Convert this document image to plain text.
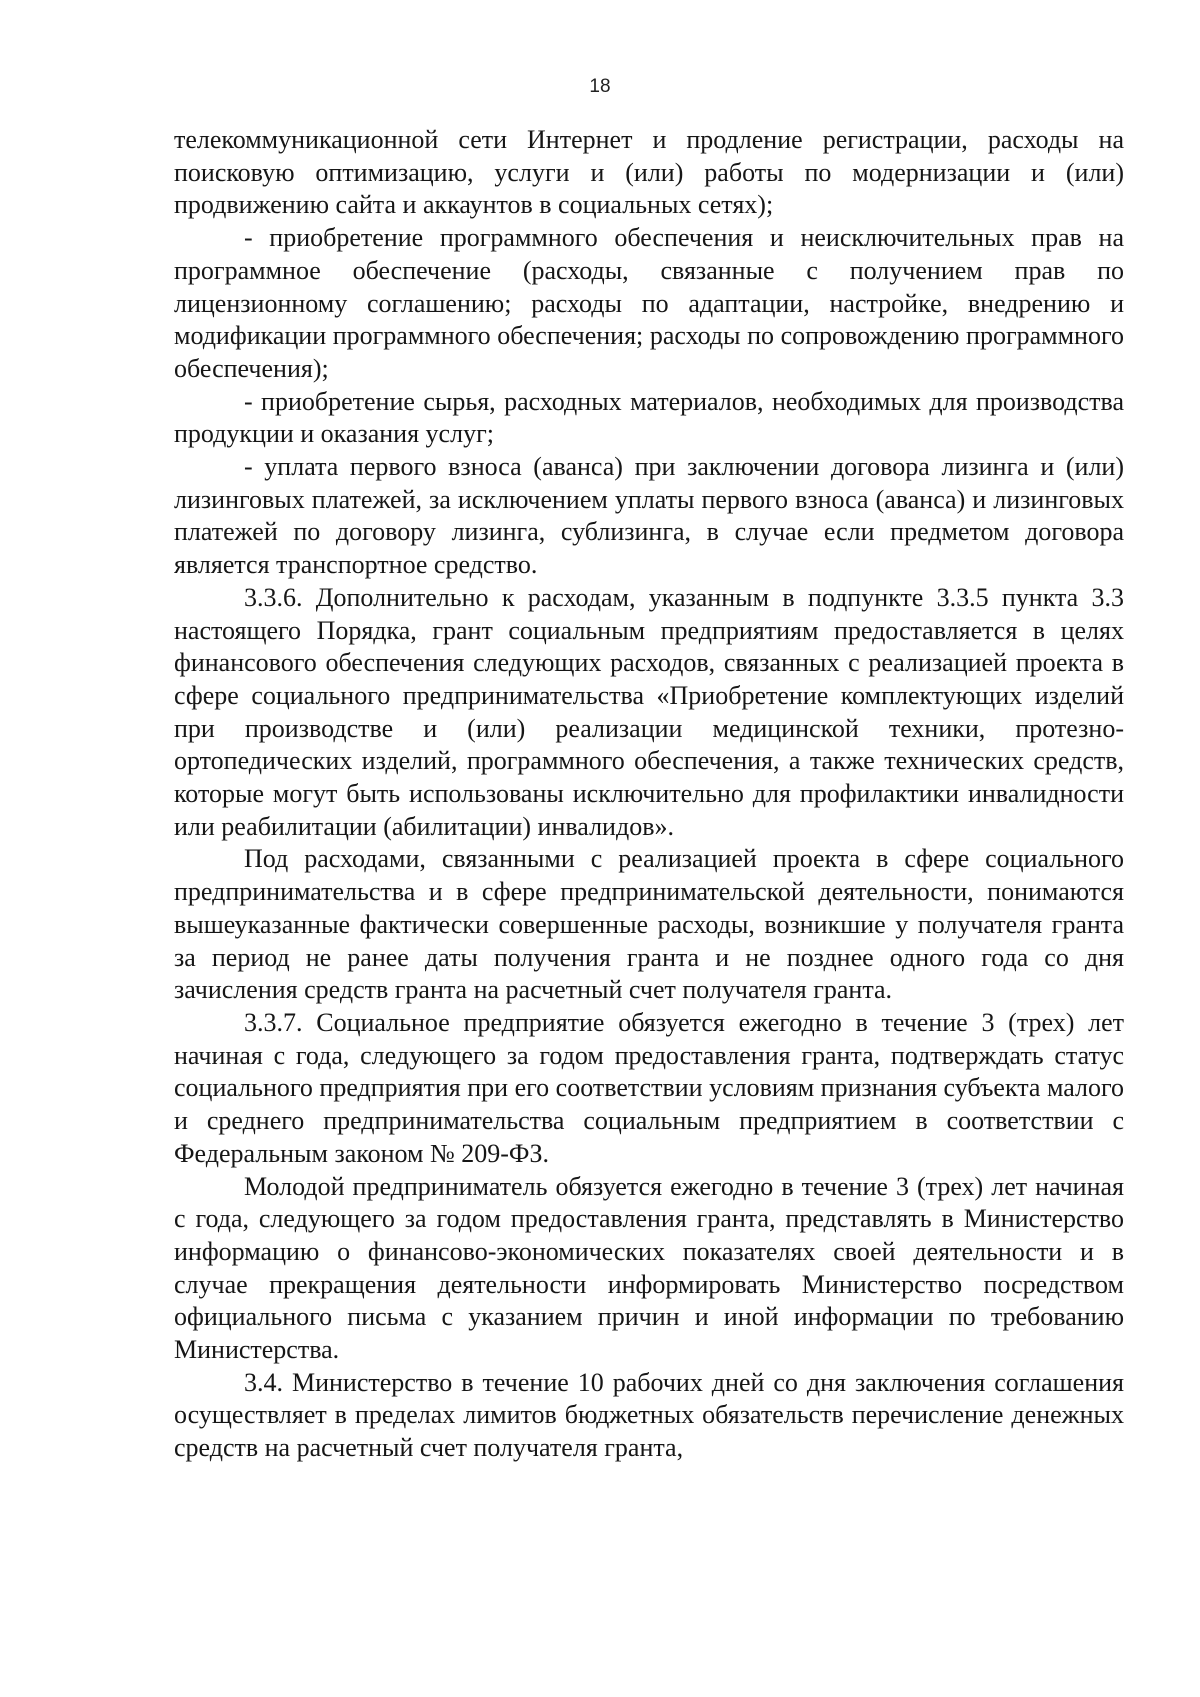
18

телекоммуникационной сети Интернет и продление регистрации, расходы на поисковую оптимизацию, услуги и (или) работы по модернизации и (или) продвижению сайта и аккаунтов в социальных сетях);

- приобретение программного обеспечения и неисключительных прав на программное обеспечение (расходы, связанные с получением прав по лицензионному соглашению; расходы по адаптации, настройке, внедрению и модификации программного обеспечения; расходы по сопровождению программного обеспечения);

- приобретение сырья, расходных материалов, необходимых для производства продукции и оказания услуг;

- уплата первого взноса (аванса) при заключении договора лизинга и (или) лизинговых платежей, за исключением уплаты первого взноса (аванса) и лизинговых платежей по договору лизинга, сублизинга, в случае если предметом договора является транспортное средство.

3.3.6. Дополнительно к расходам, указанным в подпункте 3.3.5 пункта 3.3 настоящего Порядка, грант социальным предприятиям предоставляется в целях финансового обеспечения следующих расходов, связанных с реализацией проекта в сфере социального предпринимательства «Приобретение комплектующих изделий при производстве и (или) реализации медицинской техники, протезно-ортопедических изделий, программного обеспечения, а также технических средств, которые могут быть использованы исключительно для профилактики инвалидности или реабилитации (абилитации) инвалидов».

Под расходами, связанными с реализацией проекта в сфере социального предпринимательства и в сфере предпринимательской деятельности, понимаются вышеуказанные фактически совершенные расходы, возникшие у получателя гранта за период не ранее даты получения гранта и не позднее одного года со дня зачисления средств гранта на расчетный счет получателя гранта.

3.3.7. Социальное предприятие обязуется ежегодно в течение 3 (трех) лет начиная с года, следующего за годом предоставления гранта, подтверждать статус социального предприятия при его соответствии условиям признания субъекта малого и среднего предпринимательства социальным предприятием в соответствии с Федеральным законом № 209-ФЗ.

Молодой предприниматель обязуется ежегодно в течение 3 (трех) лет начиная с года, следующего за годом предоставления гранта, представлять в Министерство информацию о финансово-экономических показателях своей деятельности и в случае прекращения деятельности информировать Министерство посредством официального письма с указанием причин и иной информации по требованию Министерства.

3.4. Министерство в течение 10 рабочих дней со дня заключения соглашения осуществляет в пределах лимитов бюджетных обязательств перечисление денежных средств на расчетный счет получателя гранта,
